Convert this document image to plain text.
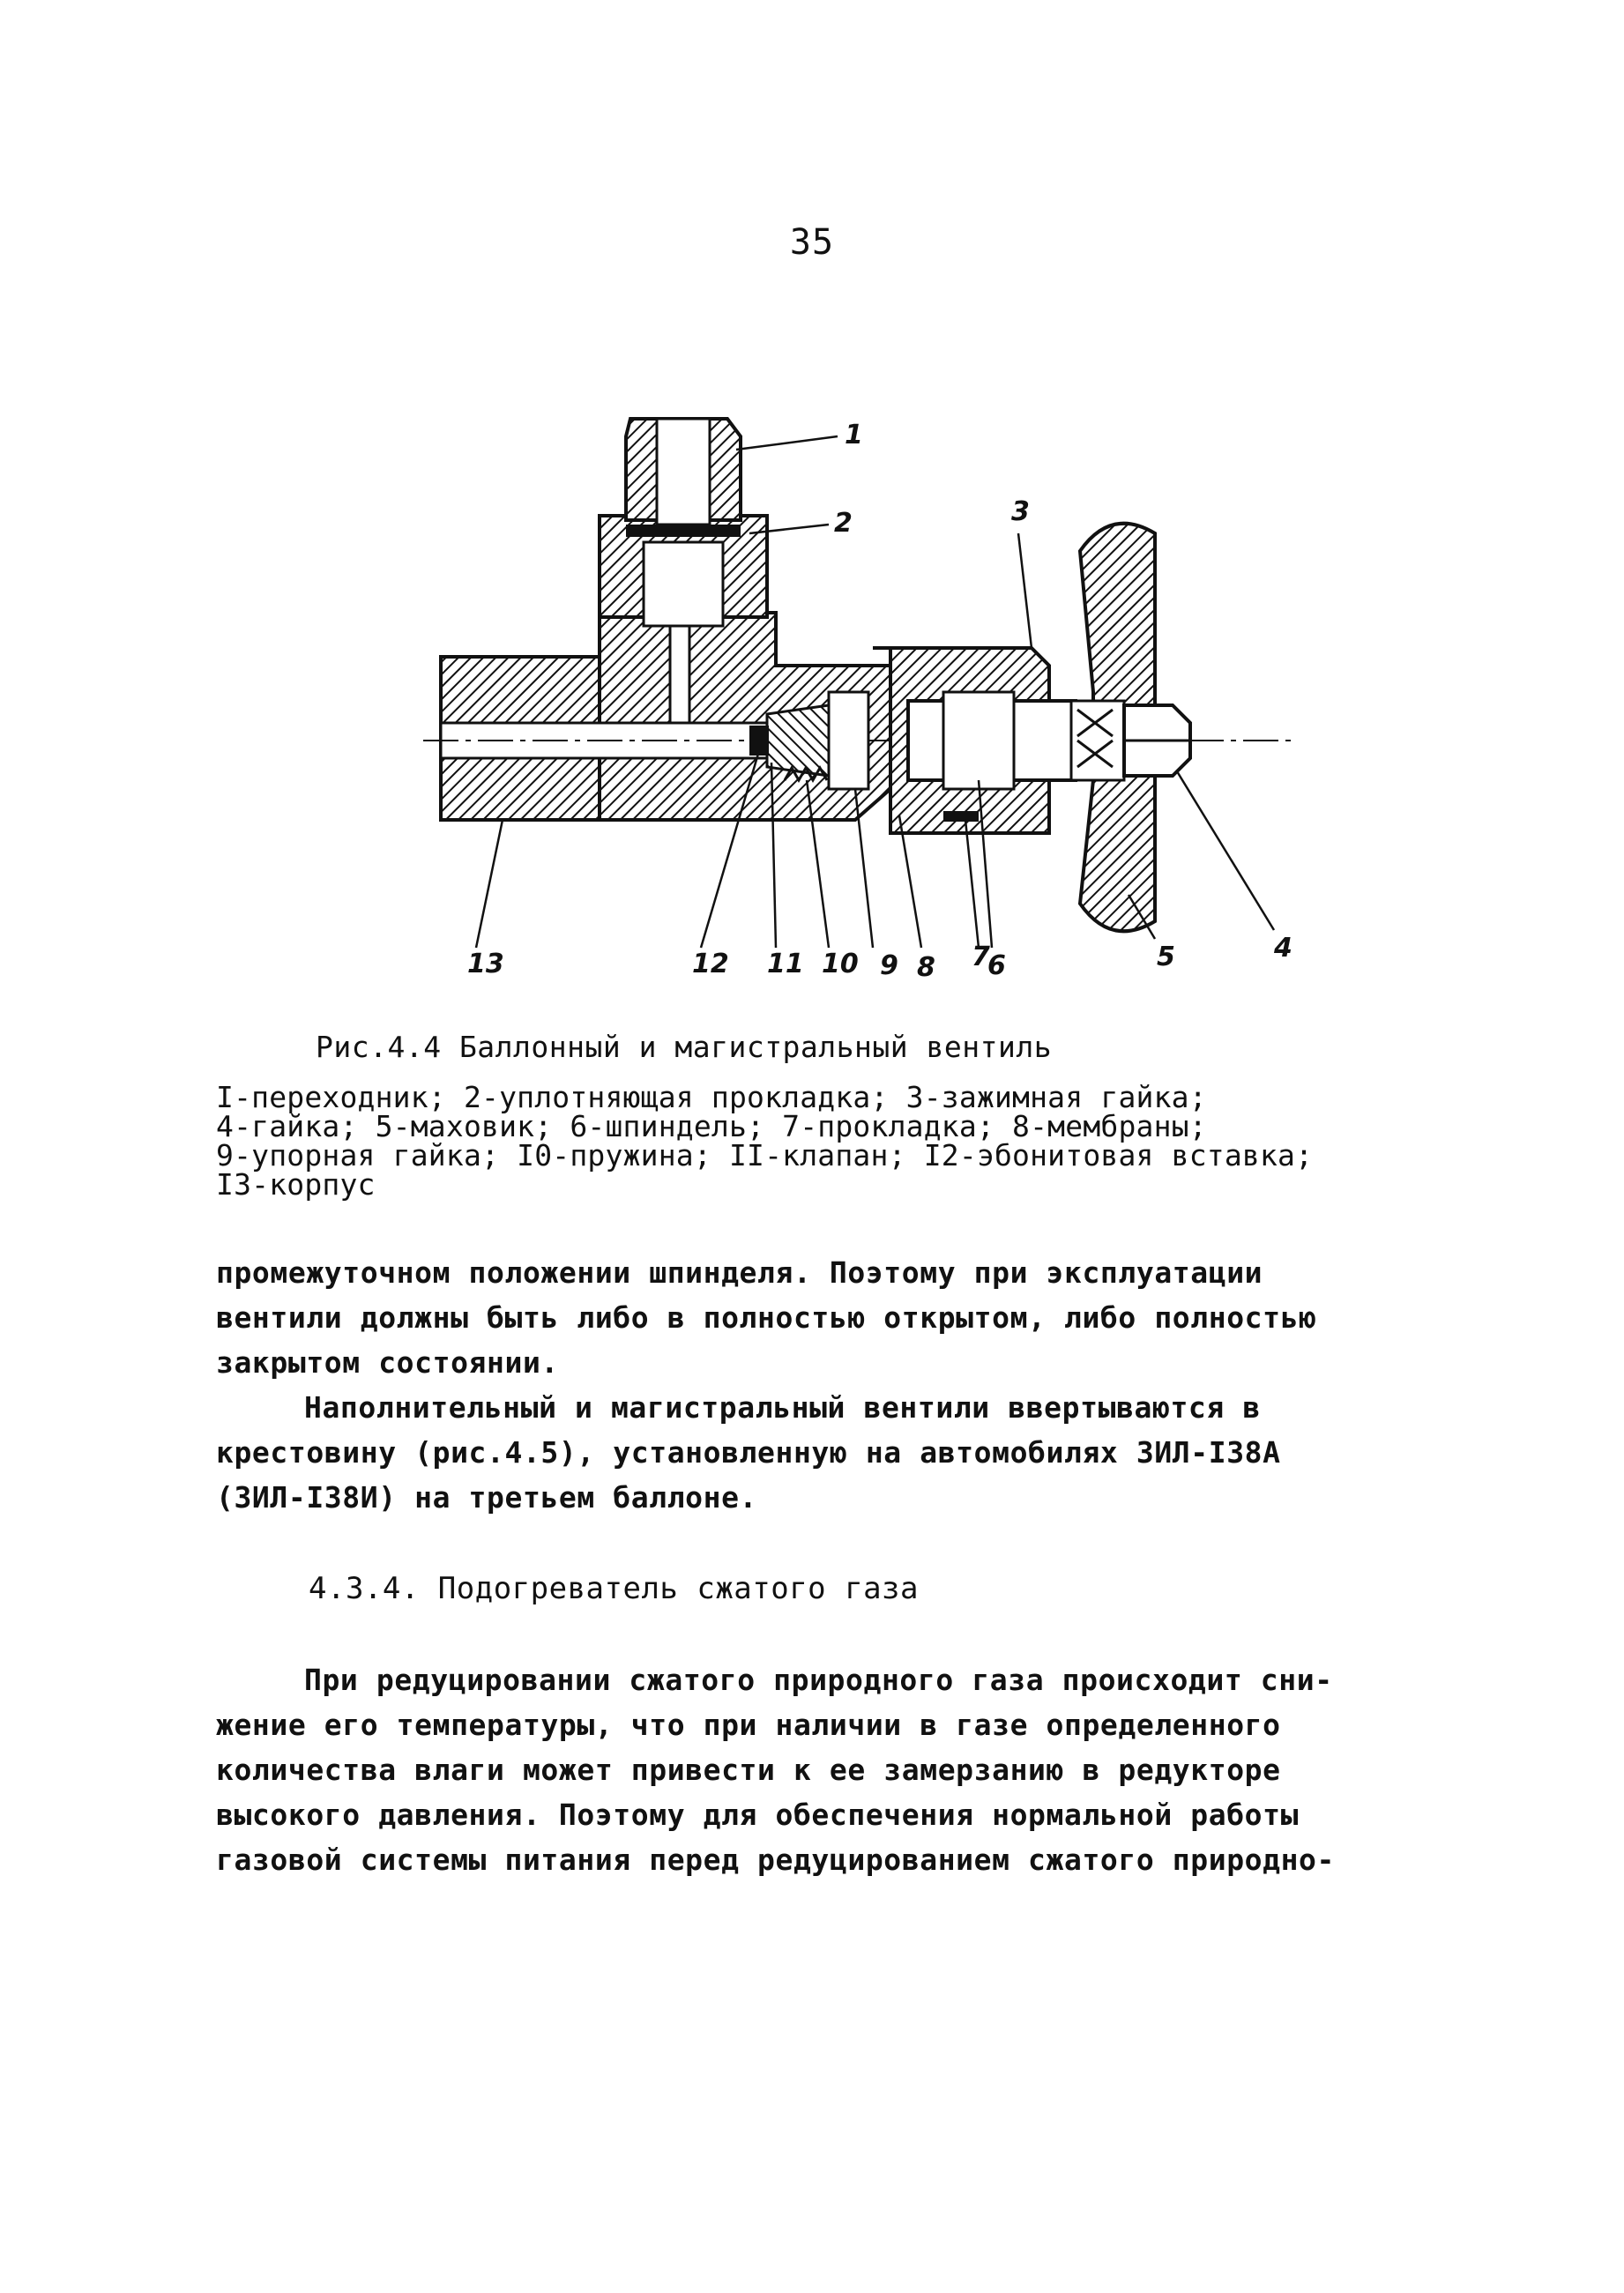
35
1
2	3
4
5
6
7
8
9
10
11
12
13
Рис.4.4 Баллонный и магистральный вентиль
I-переходник; 2-уплотняющая прокладка; 3-зажимная гайка;
4-гайка; 5-маховик; 6-шпиндель; 7-прокладка; 8-мембраны;
9-упорная гайка; I0-пружина; II-клапан; I2-эбонитовая вставка;
I3-корпус

промежуточном положении шпинделя. Поэтому при эксплуатации

вентили должны быть либо в полностью открытом, либо полностью

закрытом состоянии.

Наполнительный и магистральный вентили ввертываются в

крестовину (рис.4.5), установленную на автомобилях ЗИЛ-I38А

(ЗИЛ-I38И) на третьем баллоне.

4.3.4. Подогреватель сжатого газа

При редуцировании сжатого природного газа происходит сни-

жение его температуры, что при наличии в газе определенного

количества влаги может привести к ее замерзанию в редукторе

высокого давления. Поэтому для обеспечения нормальной работы

газовой системы питания перед редуцированием сжатого природно-
